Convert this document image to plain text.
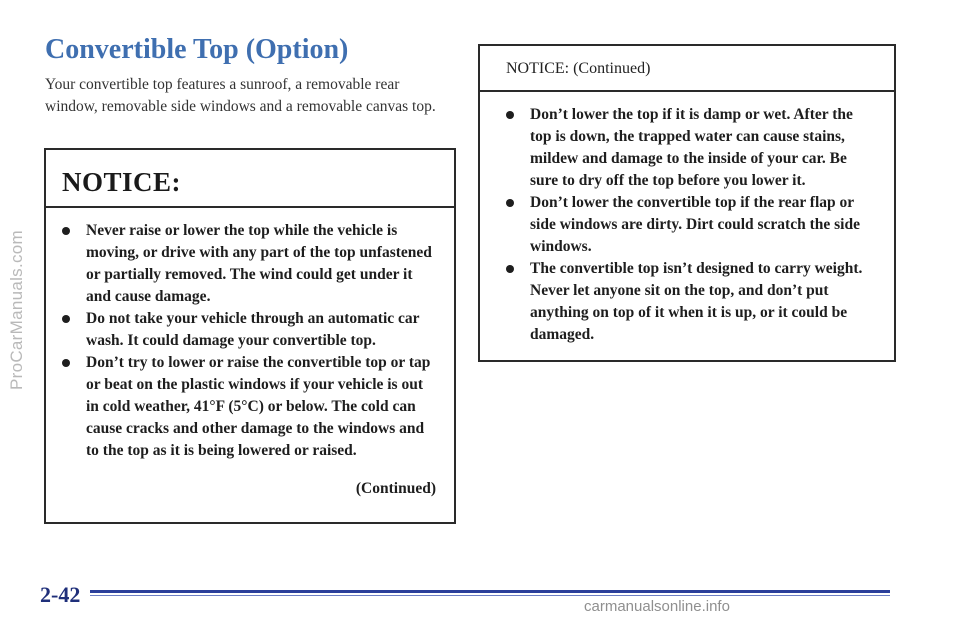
ProCarManuals.com
Convertible Top (Option)

Your convertible top features a sunroof, a removable rear window, removable side windows and a removable canvas top.

NOTICE:
Never raise or lower the top while the vehicle is moving, or drive with any part of the top unfastened or partially removed. The wind could get under it and cause damage.
Do not take your vehicle through an automatic car wash. It could damage your convertible top.
Don’t try to lower or raise the convertible top or tap or beat on the plastic windows if your vehicle is out in cold weather, 41°F (5°C) or below. The cold can cause cracks and other damage to the windows and to the top as it is being lowered or raised.
(Continued)
NOTICE: (Continued)
Don’t lower the top if it is damp or wet. After the top is down, the trapped water can cause stains, mildew and damage to the inside of your car. Be sure to dry off the top before you lower it.
Don’t lower the convertible top if the rear flap or side windows are dirty. Dirt could scratch the side windows.
The convertible top isn’t designed to carry weight. Never let anyone sit on the top, and don’t put anything on top of it when it is up, or it could be damaged.
2-42	carmanualsonline.info
